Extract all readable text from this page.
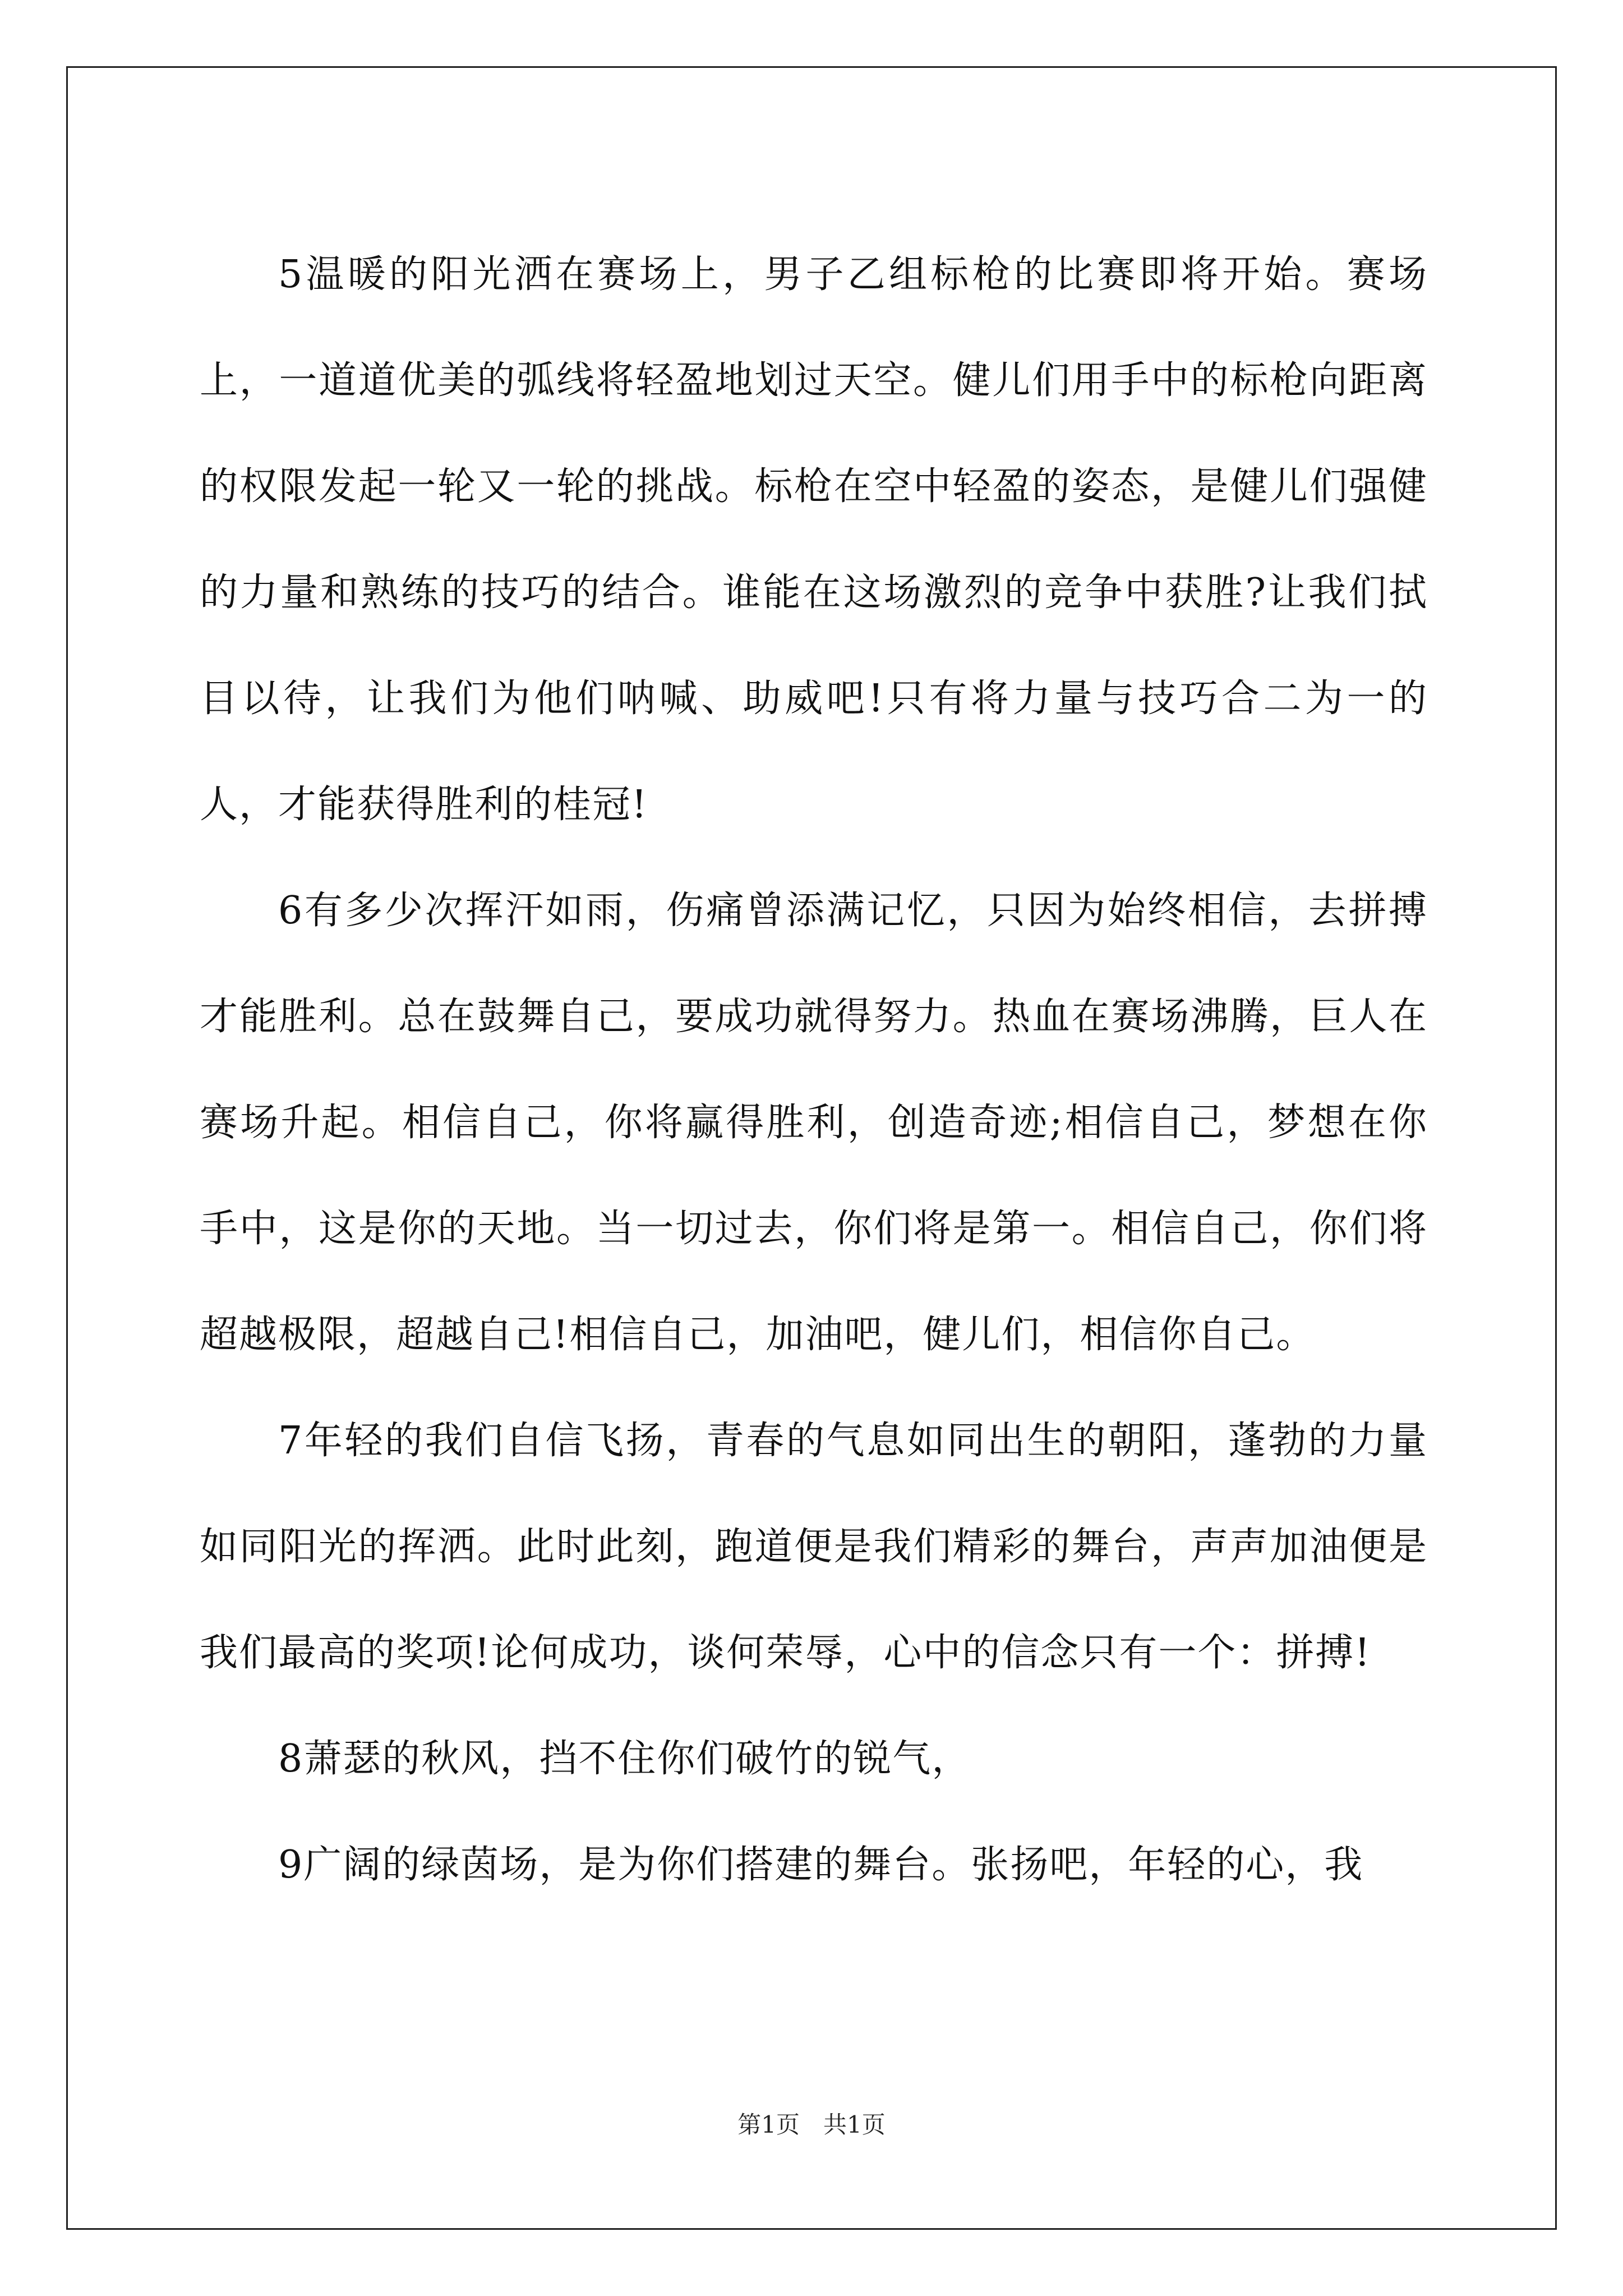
5温暖的阳光洒在赛场上，男子乙组标枪的比赛即将开始。赛场上，一道道优美的弧线将轻盈地划过天空。健儿们用手中的标枪向距离的权限发起一轮又一轮的挑战。标枪在空中轻盈的姿态，是健儿们强健的力量和熟练的技巧的结合。谁能在这场激烈的竞争中获胜?让我们拭目以待，让我们为他们呐喊、助威吧!只有将力量与技巧合二为一的人，才能获得胜利的桂冠!

6有多少次挥汗如雨，伤痛曾添满记忆，只因为始终相信，去拼搏才能胜利。总在鼓舞自己，要成功就得努力。热血在赛场沸腾，巨人在赛场升起。相信自己，你将赢得胜利，创造奇迹;相信自己，梦想在你手中，这是你的天地。当一切过去，你们将是第一。相信自己，你们将超越极限，超越自己!相信自己，加油吧，健儿们，相信你自己。

7年轻的我们自信飞扬，青春的气息如同出生的朝阳，蓬勃的力量如同阳光的挥洒。此时此刻，跑道便是我们精彩的舞台，声声加油便是我们最高的奖项!论何成功，谈何荣辱，心中的信念只有一个：拼搏!

8萧瑟的秋风，挡不住你们破竹的锐气，

9广阔的绿茵场，是为你们搭建的舞台。张扬吧，年轻的心，我

第1页　共1页
